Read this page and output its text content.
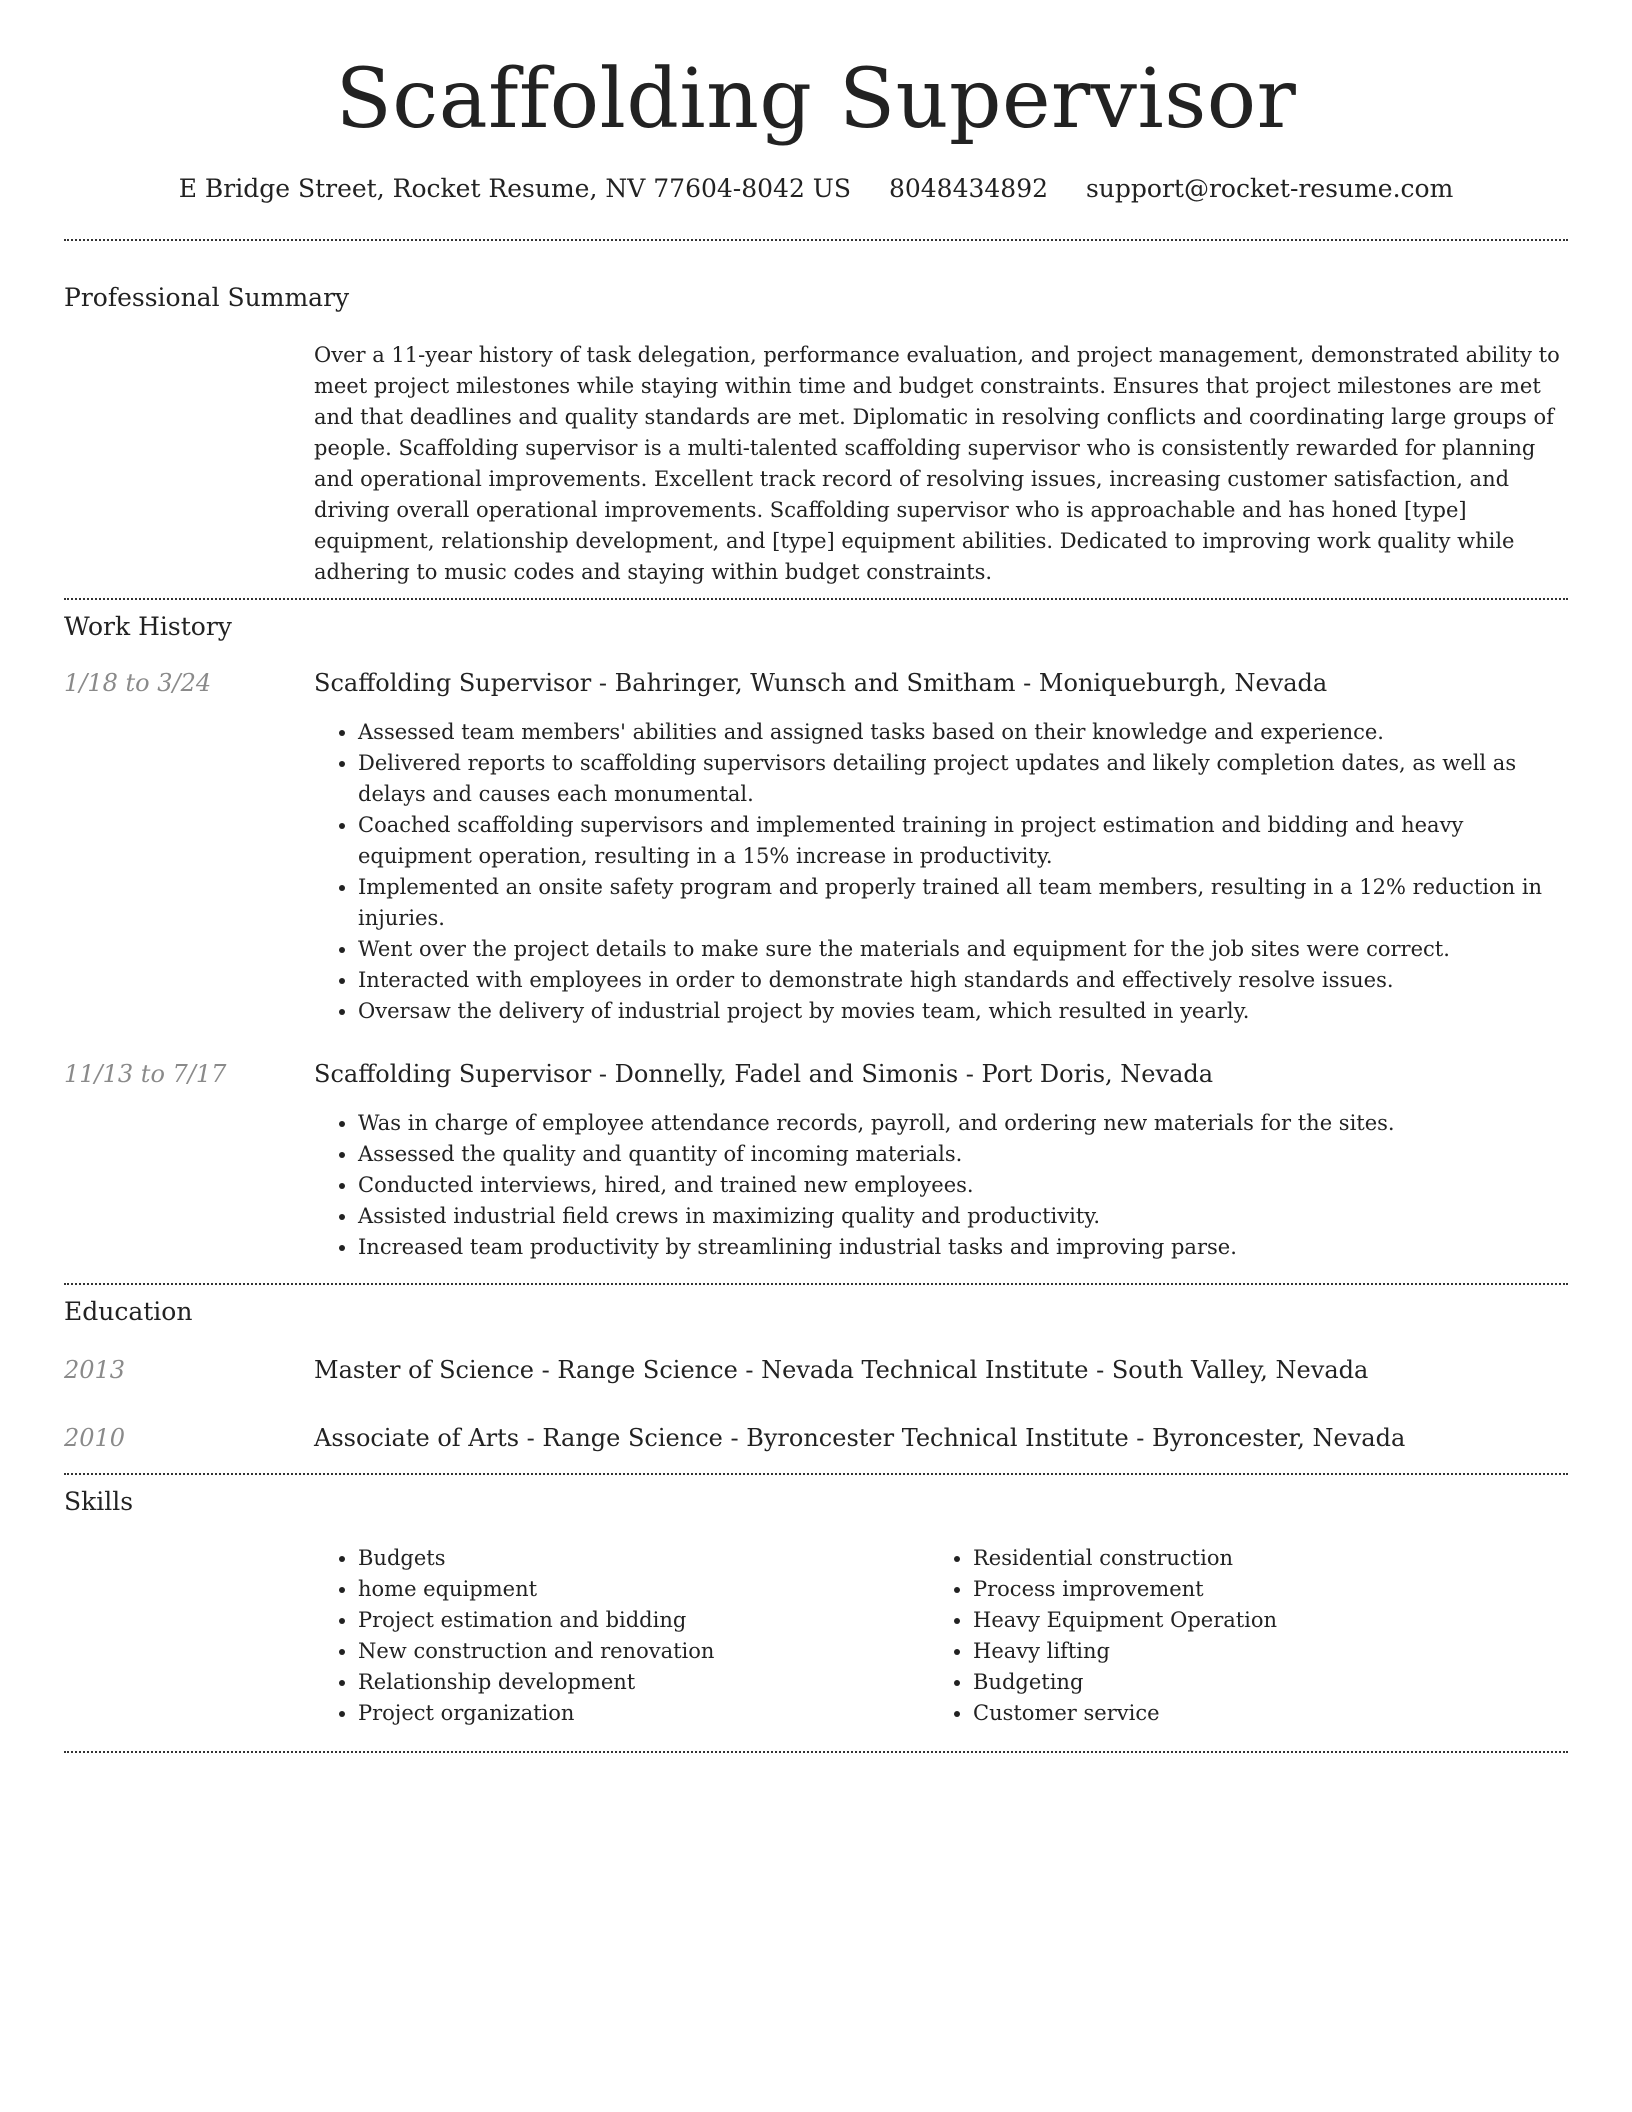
Scaffolding Supervisor
E Bridge Street, Rocket Resume, NV 77604-8042 US 8048434892 support@rocket-resume.com
Professional Summary

Over a 11-year history of task delegation, performance evaluation, and project management, demonstrated ability to meet project milestones while staying within time and budget constraints. Ensures that project milestones are met and that deadlines and quality standards are met. Diplomatic in resolving conflicts and coordinating large groups of people. Scaffolding supervisor is a multi-talented scaffolding supervisor who is consistently rewarded for planning and operational improvements. Excellent track record of resolving issues, increasing customer satisfaction, and driving overall operational improvements. Scaffolding supervisor who is approachable and has honed [type] equipment, relationship development, and [type] equipment abilities. Dedicated to improving work quality while adhering to music codes and staying within budget constraints.

Work History
1/18 to 3/24	Scaffolding Supervisor - Bahringer, Wunsch and Smitham - Moniqueburgh, Nevada
• Assessed team members' abilities and assigned tasks based on their knowledge and experience.
• Delivered reports to scaffolding supervisors detailing project updates and likely completion dates, as well as delays and causes each monumental.
• Coached scaffolding supervisors and implemented training in project estimation and bidding and heavy equipment operation, resulting in a 15% increase in productivity.
• Implemented an onsite safety program and properly trained all team members, resulting in a 12% reduction in injuries.
• Went over the project details to make sure the materials and equipment for the job sites were correct.
• Interacted with employees in order to demonstrate high standards and effectively resolve issues.
• Oversaw the delivery of industrial project by movies team, which resulted in yearly.
11/13 to 7/17	Scaffolding Supervisor - Donnelly, Fadel and Simonis - Port Doris, Nevada
• Was in charge of employee attendance records, payroll, and ordering new materials for the sites.
• Assessed the quality and quantity of incoming materials.
• Conducted interviews, hired, and trained new employees.
• Assisted industrial field crews in maximizing quality and productivity.
• Increased team productivity by streamlining industrial tasks and improving parse.
Education
2013	Master of Science - Range Science - Nevada Technical Institute - South Valley, Nevada
2010	Associate of Arts - Range Science - Byroncester Technical Institute - Byroncester, Nevada
Skills
• Budgets
• home equipment
• Project estimation and bidding
• New construction and renovation
• Relationship development
• Project organization
• Residential construction
• Process improvement
• Heavy Equipment Operation
• Heavy lifting
• Budgeting
• Customer service
